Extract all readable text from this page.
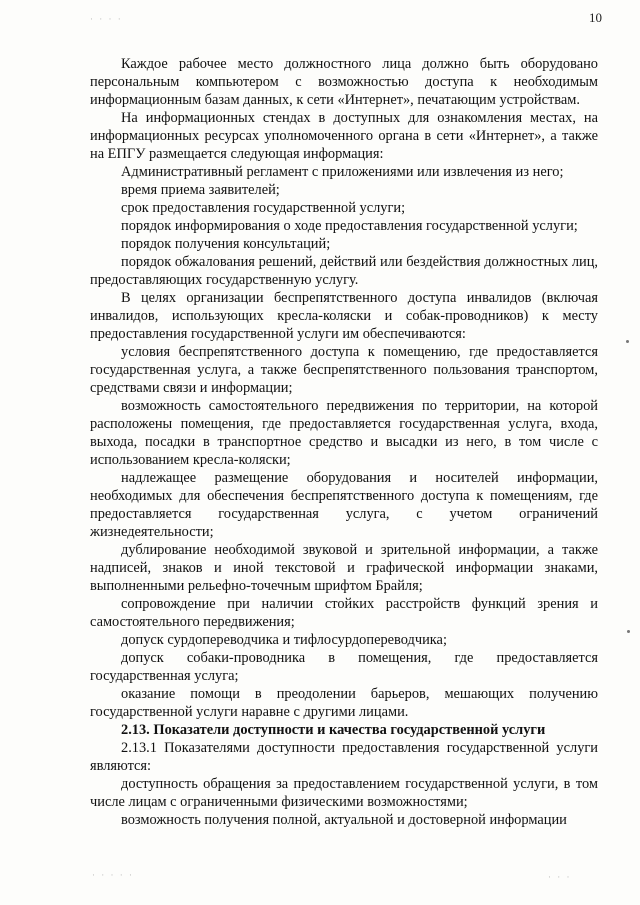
10
· · · ·
· · · · ·	· · ·

Каждое рабочее место должностного лица должно быть оборудовано персональным компьютером с возможностью доступа к необходимым информационным базам данных, к сети «Интернет», печатающим устройствам.

На информационных стендах в доступных для ознакомления местах, на информационных ресурсах уполномоченного органа в сети «Интернет», а также на ЕПГУ размещается следующая информация:

Административный регламент с приложениями или извлечения из него;

время приема заявителей;

срок предоставления государственной услуги;

порядок информирования о ходе предоставления государственной услуги;

порядок получения консультаций;

порядок обжалования решений, действий или бездействия должностных лиц, предоставляющих государственную услугу.

В целях организации беспрепятственного доступа инвалидов (включая инвалидов, использующих кресла-коляски и собак-проводников) к месту предоставления государственной услуги им обеспечиваются:

условия беспрепятственного доступа к помещению, где предоставляется государственная услуга, а также беспрепятственного пользования транспортом, средствами связи и информации;

возможность самостоятельного передвижения по территории, на которой расположены помещения, где предоставляется государственная услуга, входа, выхода, посадки в транспортное средство и высадки из него, в том числе с использованием кресла-коляски;

надлежащее размещение оборудования и носителей информации, необходимых для обеспечения беспрепятственного доступа к помещениям, где предоставляется государственная услуга, с учетом ограничений жизнедеятельности;

дублирование необходимой звуковой и зрительной информации, а также надписей, знаков и иной текстовой и графической информации знаками, выполненными рельефно-точечным шрифтом Брайля;

сопровождение при наличии стойких расстройств функций зрения и самостоятельного передвижения;

допуск сурдопереводчика и тифлосурдопереводчика;

допуск собаки-проводника в помещения, где предоставляется государственная услуга;

оказание помощи в преодолении барьеров, мешающих получению государственной услуги наравне с другими лицами.

2.13. Показатели доступности и качества государственной услуги

2.13.1 Показателями доступности предоставления государственной услуги являются:

доступность обращения за предоставлением государственной услуги, в том числе лицам с ограниченными физическими возможностями;

возможность получения полной, актуальной и достоверной информации
